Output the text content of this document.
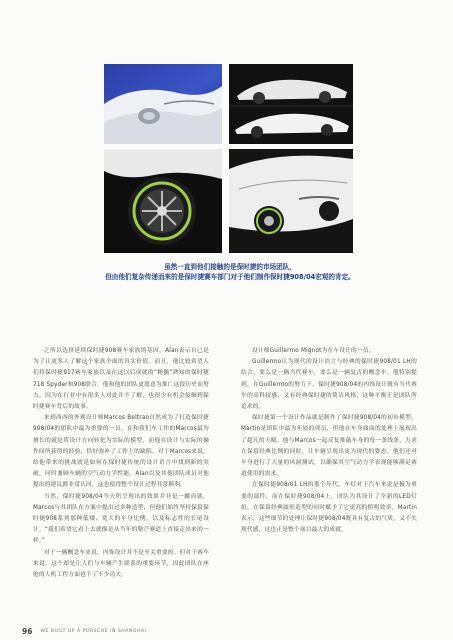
虽然一直到他们接触的是保时捷的市场团队，
但由他们复杂传递而来的是保时捷赛车部门对于他们制作保时捷908/04宏观的肯定。

之所以选择延续保时捷908赛车家族的基因，Alan表示自己是为了让更多人了解这个家族全面的真实价值。而且，他比较希望人们将保时捷917赛车家族以及在这以后成就的“精髓”熟知的保时捷718 Spyder和908联合。他和他的团队更愿意为推广这段历史而努力，因为在行业中有很多人对此并不了解，也很少有机会接触到保时捷赛车背后的故事。

来到西西的外观设计师Marcos Beltrao自然成为了打造保时捷908/04的团队中最为重要的一员。在和我们车工作的Marcos最为擅长的就是将设计方向转化为实际的模型，而他在设计与实际的操作间所获得的经验，恰好弥补了工作上的缺陷。对于Marcos来说，给他带来的挑战就是如何在保时捷传统的设计语言中找到新的突破，同时兼顾车辆的空气动力学性能。Alan以及其他团队成员对他提出的建议都非常认同，这也使得整个设计过程非常顺利。

当然，保时捷908/04今天所呈现出的效果并非是一蹴而就。Marcos与其团队在方案中提出过多种造型，但他们始终坚持保留保时捷908系列那种低矮、宽大的车身比例，以及标志性的长尾设计。“我们希望它看上去就像是从当年的勒芒赛道上直接走出来的一样。”

对于一辆概念车来说，内饰设计并不是至关重要的。但对于赛车来说，这个却是让人们与车辆产生联系的重要环节，因此团队在座舱的人机工程方面也下了不少功夫。

设计师Guillermo Mignot为在车设计的一员。

Guillermo认为现代的设计语言与经典的保时捷908/01 LH的结合，要么是一辆当代赛车，要么是一辆复古的概念车。他特别提到，在Guillermo的努力下，保时捷908/04的内饰设计既有当代赛车的高科技感，又有经典保时捷的简洁风格，这种平衡正是团队所追求的。

保时捷第一个设计作品就是制作了保时捷908/04的初步模型，Martin是团队中最为年轻的成员，但他在车身曲面的处理上展现出了超凡的天赋。他与Marcos一起反复推敲车身的每一条线条，力求在保留经典比例的同时，让车辆呈现出更为现代的姿态。他们还对车身进行了大量的风洞测试，以确保其空气动力学表现能够满足赛道使用的需求。

在保时捷908/01 LH的那个年代，车灯对于汽车来说是极为重要的部件，而在保时捷908/04上，团队为其设计了全新的LED灯组，在保留经典圆形造型的同时赋予了它更高的照明效率。Martin表示，这些细节的处理让保时捷908/04既具有复古的气质，又不失现代感，这也正是整个项目最大的成就。

96 WE BUILT UP A PORSCHE IN SHANGHAI
